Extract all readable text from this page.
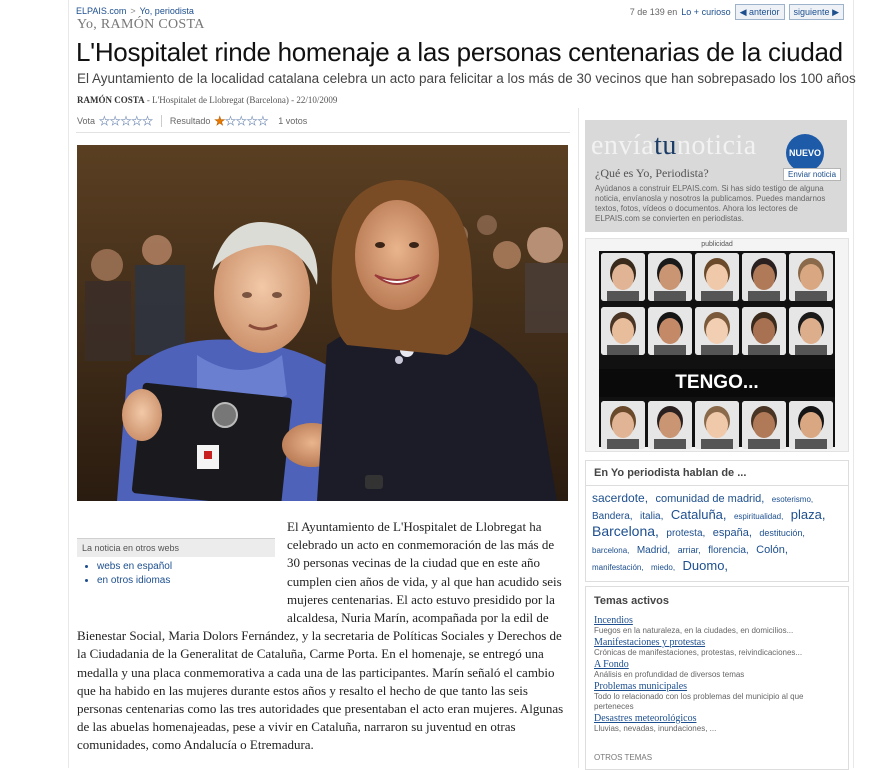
ELPAIS.com > Yo, periodista	7 de 139 en Lo + curioso	◀ anterior	siguiente ▶
Yo, RAMÓN COSTA
L'Hospitalet rinde homenaje a las personas centenarias de la ciudad
El Ayuntamiento de la localidad catalana celebra un acto para felicitar a los más de 30 vecinos que han sobrepasado los 100 años
RAMÓN COSTA - L'Hospitalet de Llobregat (Barcelona) - 22/10/2009
Vota ★ ★ ★ ★ ★ Resultado ★ ★ ★ ★ ★ 1 votos
La noticia en otros webs
• webs en español
• en otros idiomas
El Ayuntamiento de L'Hospitalet de Llobregat ha celebrado un acto en conmemoración de las más de 30 personas vecinas de la ciudad que en este año cumplen cien años de vida, y al que han acudido seis mujeres centenarias. El acto estuvo presidido por la alcaldesa, Nuria Marín, acompañada por la edil de Bienestar Social, Maria Dolors Fernández, y la secretaria de Políticas Sociales y Derechos de la Ciudadania de la Generalitat de Cataluña, Carme Porta. En el homenaje, se entregó una medalla y una placa conmemorativa a cada una de las participantes. Marín señaló el cambio que ha habido en las mujeres durante estos años y resalto el hecho de que tanto las seis personas centenarias como las tres autoridades que presentaban el acto eran mujeres. Algunas de las abuelas homenajeadas, pese a vivir en Cataluña, narraron su juventud en otras comunidades, como Andalucía o Etremadura.
envíatunoticia	NUEVO
Enviar noticia
¿Qué es Yo, Periodista?
Ayúdanos a construir ELPAIS.com. Si has sido testigo de alguna noticia, envíanosla y nosotros la publicamos. Puedes mandarnos textos, fotos, vídeos o documentos. Ahora los lectores de ELPAIS.com se convierten en periodistas.
publicidad
TENGO...
En Yo periodista hablan de ...
sacerdote, comunidad de madrid, esoterismo, Bandera, italia, Cataluña, espiritualidad, plaza, Barcelona, protesta, españa, destitución, barcelona, Madrid, arriar, florencia, Colón, manifestación, miedo, Duomo,
Temas activos
Incendios
Fuegos en la naturaleza, en la ciudades, en domicilios...
Manifestaciones y protestas
Crónicas de manifestaciones, protestas, reivindicaciones...
A Fondo
Análisis en profundidad de diversos temas
Problemas municipales
Todo lo relacionado con los problemas del municipio al que perteneces
Desastres meteorológicos
Lluvias, nevadas, inundaciones, ...
OTROS TEMAS
